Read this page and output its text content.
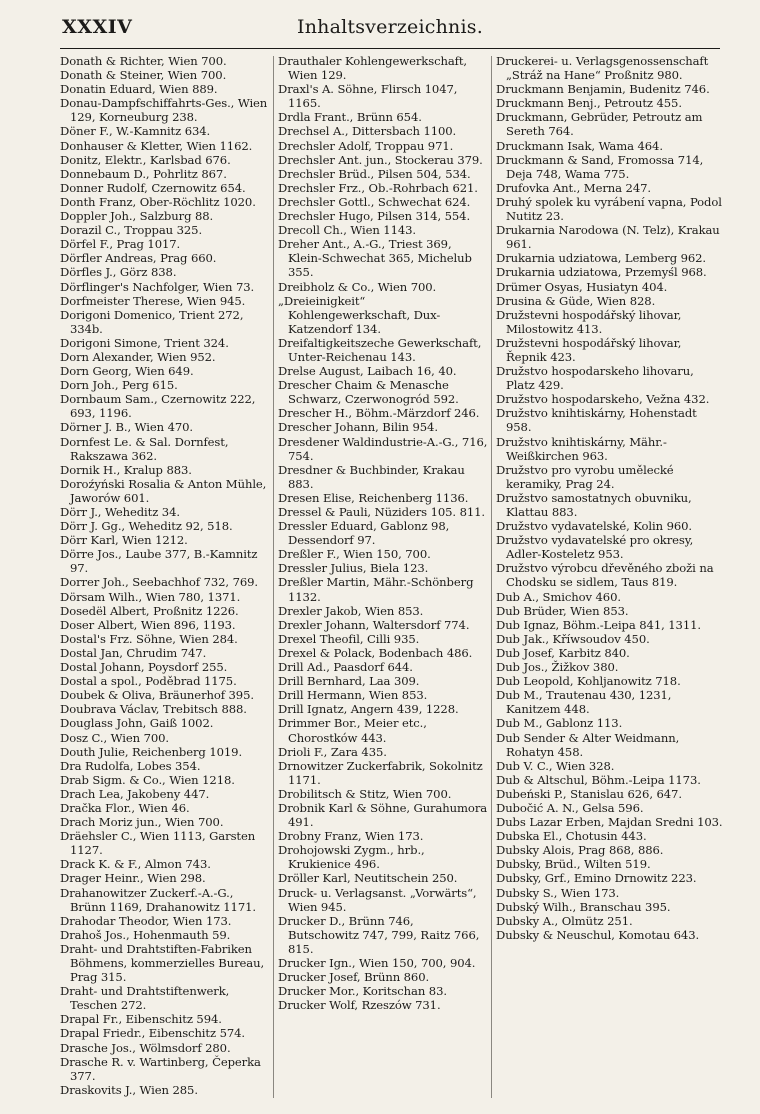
XXXIV	Inhaltsverzeichnis.

Donath & Richter, Wien 700.

Donath & Steiner, Wien 700.

Donatin Eduard, Wien 889.

Donau-Dampfschiffahrts-Ges., Wien 129, Korneuburg 238.

Döner F., W.-Kamnitz 634.

Donhauser & Kletter, Wien 1162.

Donitz, Elektr., Karlsbad 676.

Donnebaum D., Pohrlitz 867.

Donner Rudolf, Czernowitz 654.

Donth Franz, Ober-Röchlitz 1020.

Doppler Joh., Salzburg 88.

Dorazil C., Troppau 325.

Dörfel F., Prag 1017.

Dörfler Andreas, Prag 660.

Dörfles J., Görz 838.

Dörflinger's Nachfolger, Wien 73.

Dorfmeister Therese, Wien 945.

Dorigoni Domenico, Trient 272, 334b.

Dorigoni Simone, Trient 324.

Dorn Alexander, Wien 952.

Dorn Georg, Wien 649.

Dorn Joh., Perg 615.

Dornbaum Sam., Czernowitz 222, 693, 1196.

Dörner J. B., Wien 470.

Dornfest Le. & Sal. Dornfest, Rakszawa 362.

Dornik H., Kralup 883.

Doroźyński Rosalia & Anton Mühle, Jaworów 601.

Dörr J., Weheditz 34.

Dörr J. Gg., Weheditz 92, 518.

Dörr Karl, Wien 1212.

Dörre Jos., Laube 377, B.-Kamnitz 97.

Dorrer Joh., Seebachhof 732, 769.

Dörsam Wilh., Wien 780, 1371.

Dosedël Albert, Proßnitz 1226.

Doser Albert, Wien 896, 1193.

Dostal's Frz. Söhne, Wien 284.

Dostal Jan, Chrudim 747.

Dostal Johann, Poysdorf 255.

Dostal a spol., Poděbrad 1175.

Doubek & Oliva, Bräunerhof 395.

Doubrava Václav, Trebitsch 888.

Douglass John, Gaiß 1002.

Dosz C., Wien 700.

Douth Julie, Reichenberg 1019.

Dra Rudolfa, Lobes 354.

Drab Sigm. & Co., Wien 1218.

Drach Lea, Jakobeny 447.

Dračka Flor., Wien 46.

Drach Moriz jun., Wien 700.

Dräehsler C., Wien 1113, Garsten 1127.

Drack K. & F., Almon 743.

Drager Heinr., Wien 298.

Drahanowitzer Zuckerf.-A.-G., Brünn 1169, Drahanowitz 1171.

Drahodar Theodor, Wien 173.

Drahoš Jos., Hohenmauth 59.

Draht- und Drahtstiften-Fabriken Böhmens, kommerzielles Bureau, Prag 315.

Draht- und Drahtstiftenwerk, Teschen 272.

Drapal Fr., Eibenschitz 594.

Drapal Friedr., Eibenschitz 574.

Drasche Jos., Wölmsdorf 280.

Drasche R. v. Wartinberg, Čeperka 377.

Draskovits J., Wien 285.

Drauthaler Kohlengewerkschaft, Wien 129.

Draxl's A. Söhne, Flirsch 1047, 1165.

Drdla Frant., Brünn 654.

Drechsel A., Dittersbach 1100.

Drechsler Adolf, Troppau 971.

Drechsler Ant. jun., Stockerau 379.

Drechsler Brüd., Pilsen 504, 534.

Drechsler Frz., Ob.-Rohrbach 621.

Drechsler Gottl., Schwechat 624.

Drechsler Hugo, Pilsen 314, 554.

Drecoll Ch., Wien 1143.

Dreher Ant., A.-G., Triest 369, Klein-Schwechat 365, Michelub 355.

Dreibholz & Co., Wien 700.

„Dreieinigkeit“ Kohlengewerkschaft, Dux-Katzendorf 134.

Dreifaltigkeitszeche Gewerkschaft, Unter-Reichenau 143.

Drelse August, Laibach 16, 40.

Drescher Chaim & Menasche Schwarz, Czerwonogród 592.

Drescher H., Böhm.-Märzdorf 246.

Drescher Johann, Bilin 954.

Dresdener Waldindustrie-A.-G., 716, 754.

Dresdner & Buchbinder, Krakau 883.

Dresen Elise, Reichenberg 1136.

Dressel & Pauli, Nüziders 105. 811.

Dressler Eduard, Gablonz 98, Dessendorf 97.

Dreßler F., Wien 150, 700.

Dressler Julius, Biela 123.

Dreßler Martin, Mähr.-Schönberg 1132.

Drexler Jakob, Wien 853.

Drexler Johann, Waltersdorf 774.

Drexel Theofil, Cilli 935.

Drexel & Polack, Bodenbach 486.

Drill Ad., Paasdorf 644.

Drill Bernhard, Laa 309.

Drill Hermann, Wien 853.

Drill Ignatz, Angern 439, 1228.

Drimmer Bor., Meier etc., Chorostków 443.

Drioli F., Zara 435.

Drnowitzer Zuckerfabrik, Sokolnitz 1171.

Drobilitsch & Stitz, Wien 700.

Drobnik Karl & Söhne, Gurahumora 491.

Drobny Franz, Wien 173.

Drohojowski Zygm., hrb., Krukienice 496.

Dröller Karl, Neutitschein 250.

Druck- u. Verlagsanst. „Vorwärts“, Wien 945.

Drucker D., Brünn 746, Butschowitz 747, 799, Raitz 766, 815.

Drucker Ign., Wien 150, 700, 904.

Drucker Josef, Brünn 860.

Drucker Mor., Koritschan 83.

Drucker Wolf, Rzeszów 731.

Druckerei- u. Verlagsgenossenschaft „Stráž na Hane“ Proßnitz 980.

Druckmann Benjamin, Budenitz 746.

Druckmann Benj., Petroutz 455.

Druckmann, Gebrüder, Petroutz am Sereth 764.

Druckmann Isak, Wama 464.

Druckmann & Sand, Fromossa 714, Deja 748, Wama 775.

Drufovka Ant., Merna 247.

Druhý spolek ku vyrábení vapna, Podol Nutitz 23.

Drukarnia Narodowa (N. Telz), Krakau 961.

Drukarnia udziatowa, Lemberg 962.

Drukarnia udziatowa, Przemyśl 968.

Drümer Osyas, Husiatyn 404.

Drusina & Güde, Wien 828.

Družstevni hospodářský lihovar, Milostowitz 413.

Družstevni hospodářský lihovar, Řepnik 423.

Družstvo hospodarskeho lihovaru, Platz 429.

Družstvo hospodarskeho, Vežna 432.

Družstvo knihtiskárny, Hohenstadt 958.

Družstvo knihtiskárny, Mähr.-Weißkirchen 963.

Družstvo pro vyrobu umělecké keramiky, Prag 24.

Družstvo samostatnych obuvniku, Klattau 883.

Družstvo vydavatelské, Kolin 960.

Družstvo vydavatelské pro okresy, Adler-Kosteletz 953.

Družstvo výrobcu dřevěného zboži na Chodsku se sidlem, Taus 819.

Dub A., Smichov 460.

Dub Brüder, Wien 853.

Dub Ignaz, Böhm.-Leipa 841, 1311.

Dub Jak., Kříwsoudov 450.

Dub Josef, Karbitz 840.

Dub Jos., Žižkov 380.

Dub Leopold, Kohljanowitz 718.

Dub M., Trautenau 430, 1231, Kanitzem 448.

Dub M., Gablonz 113.

Dub Sender & Alter Weidmann, Rohatyn 458.

Dub V. C., Wien 328.

Dub & Altschul, Böhm.-Leipa 1173.

Dubeński P., Stanislau 626, 647.

Dubočić A. N., Gelsa 596.

Dubs Lazar Erben, Majdan Sredni 103.

Dubska El., Chotusin 443.

Dubsky Alois, Prag 868, 886.

Dubsky, Brüd., Wilten 519.

Dubsky, Grf., Emino Drnowitz 223.

Dubsky S., Wien 173.

Dubský Wilh., Branschau 395.

Dubsky A., Olmütz 251.

Dubsky & Neuschul, Komotau 643.
